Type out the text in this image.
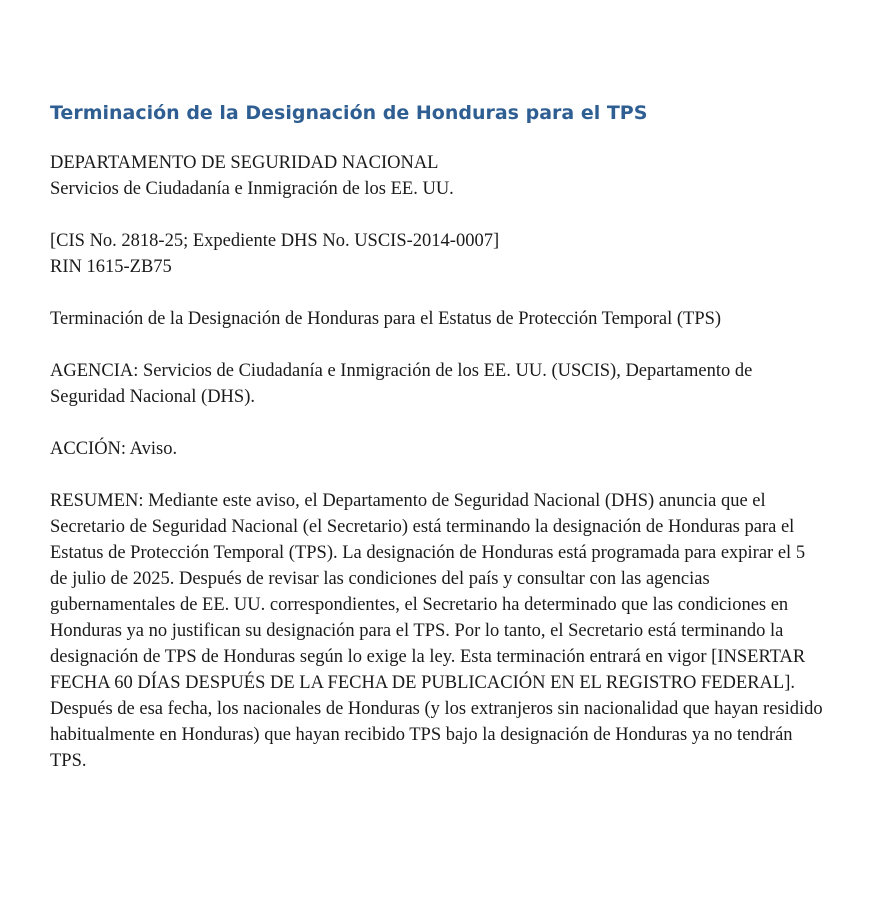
Terminación de la Designación de Honduras para el TPS
DEPARTAMENTO DE SEGURIDAD NACIONAL
Servicios de Ciudadanía e Inmigración de los EE. UU.
[CIS No. 2818-25; Expediente DHS No. USCIS-2014-0007]
RIN 1615-ZB75
Terminación de la Designación de Honduras para el Estatus de Protección Temporal (TPS)
AGENCIA: Servicios de Ciudadanía e Inmigración de los EE. UU. (USCIS), Departamento de Seguridad Nacional (DHS).
ACCIÓN: Aviso.
RESUMEN: Mediante este aviso, el Departamento de Seguridad Nacional (DHS) anuncia que el Secretario de Seguridad Nacional (el Secretario) está terminando la designación de Honduras para el Estatus de Protección Temporal (TPS). La designación de Honduras está programada para expirar el 5 de julio de 2025. Después de revisar las condiciones del país y consultar con las agencias gubernamentales de EE. UU. correspondientes, el Secretario ha determinado que las condiciones en Honduras ya no justifican su designación para el TPS. Por lo tanto, el Secretario está terminando la designación de TPS de Honduras según lo exige la ley. Esta terminación entrará en vigor [INSERTAR FECHA 60 DÍAS DESPUÉS DE LA FECHA DE PUBLICACIÓN EN EL REGISTRO FEDERAL]. Después de esa fecha, los nacionales de Honduras (y los extranjeros sin nacionalidad que hayan residido habitualmente en Honduras) que hayan recibido TPS bajo la designación de Honduras ya no tendrán TPS.
